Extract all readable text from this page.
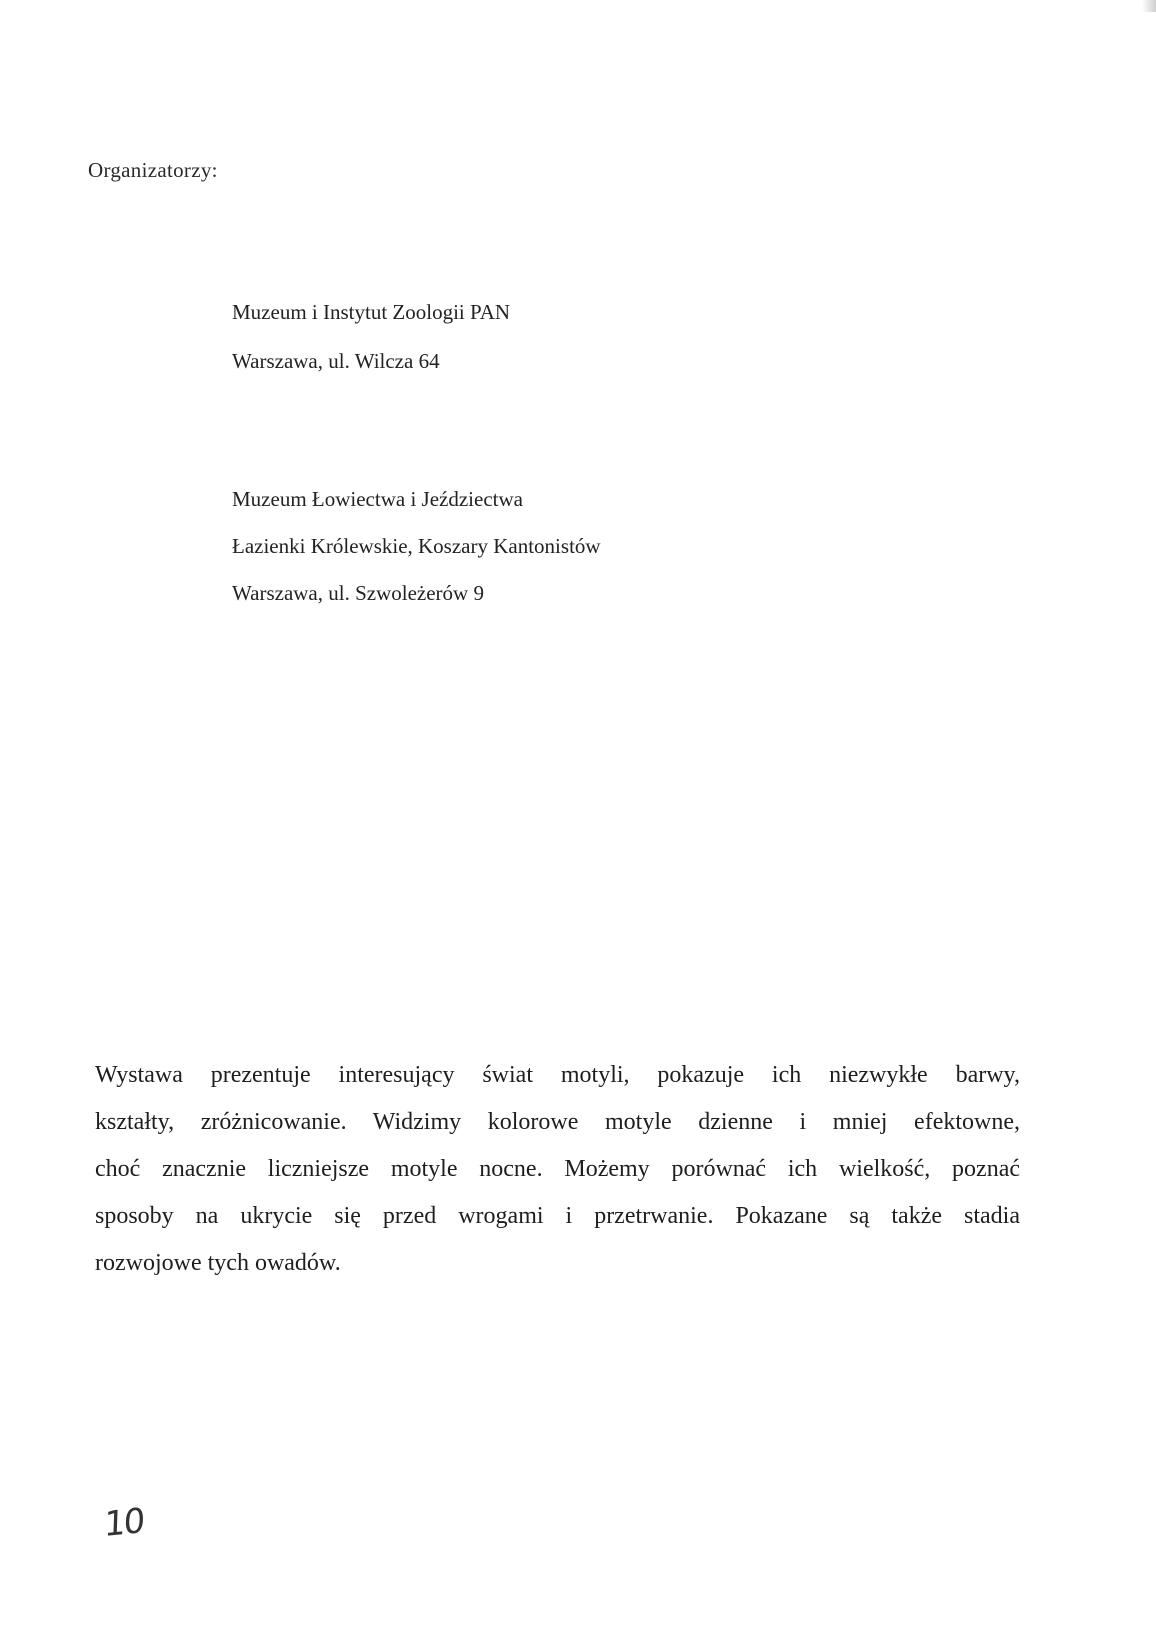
Organizatorzy:
Muzeum i Instytut Zoologii PAN
Warszawa, ul. Wilcza 64
Muzeum Łowiectwa i Jeździectwa
Łazienki Królewskie, Koszary Kantonistów
Warszawa, ul. Szwoleżerów 9
Wystawa prezentuje interesujący świat motyli, pokazuje ich niezwykłe barwy,
kształty, zróżnicowanie. Widzimy kolorowe motyle dzienne i mniej efektowne,
choć znacznie liczniejsze motyle nocne. Możemy porównać ich wielkość, poznać
sposoby na ukrycie się przed wrogami i przetrwanie. Pokazane są także stadia
rozwojowe tych owadów.
10
